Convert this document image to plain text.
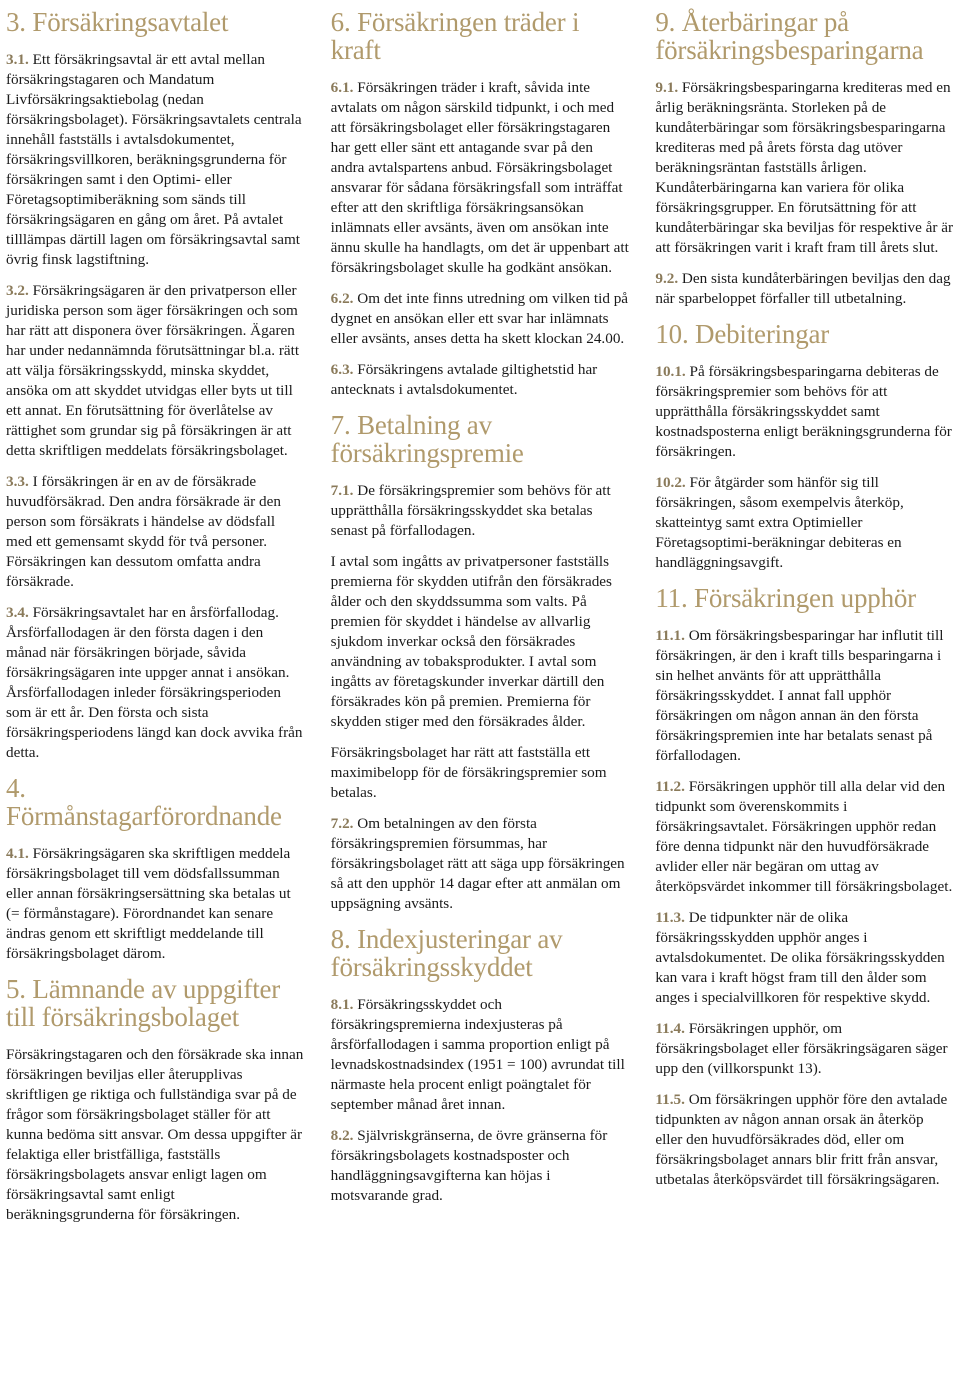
3. Försäkringsavtalet

3.1. Ett försäkringsavtal är ett avtal mellan försäkringstagaren och Mandatum Livförsäkringsaktiebolag (nedan försäkringsbolaget). Försäkringsavtalets centrala innehåll fastställs i avtalsdokumentet, försäkringsvillkoren, beräkningsgrunderna för försäkringen samt i den Optimi- eller Företagsoptimiberäkning som sänds till försäkringsägaren en gång om året. På avtalet tilllämpas därtill lagen om försäkringsavtal samt övrig finsk lagstiftning.

3.2. Försäkringsägaren är den privatperson eller juridiska person som äger försäkringen och som har rätt att disponera över försäkringen. Ägaren har under nedannämnda förutsättningar bl.a. rätt att välja försäkringsskydd, minska skyddet, ansöka om att skyddet utvidgas eller byts ut till ett annat. En förutsättning för överlåtelse av rättighet som grundar sig på försäkringen är att detta skriftligen meddelats försäkringsbolaget.

3.3. I försäkringen är en av de försäkrade huvudförsäkrad. Den andra försäkrade är den person som försäkrats i händelse av dödsfall med ett gemensamt skydd för två personer. Försäkringen kan dessutom omfatta andra försäkrade.

3.4. Försäkringsavtalet har en årsförfallodag. Årsförfallodagen är den första dagen i den månad när försäkringen började, såvida försäkringsägaren inte uppger annat i ansökan. Årsförfallodagen inleder försäkringsperioden som är ett år. Den första och sista försäkringsperiodens längd kan dock avvika från detta.

4. Förmånstagarförordnande

4.1. Försäkringsägaren ska skriftligen meddela försäkringsbolaget till vem dödsfallssumman eller annan försäkringsersättning ska betalas ut (= förmånstagare). Förordnandet kan senare ändras genom ett skriftligt meddelande till försäkringsbolaget därom.

5. Lämnande av uppgifter till försäkringsbolaget

Försäkringstagaren och den försäkrade ska innan försäkringen beviljas eller återupplivas skriftligen ge riktiga och fullständiga svar på de frågor som försäkringsbolaget ställer för att kunna bedöma sitt ansvar. Om dessa uppgifter är felaktiga eller bristfälliga, fastställs försäkringsbolagets ansvar enligt lagen om försäkringsavtal samt enligt beräkningsgrunderna för försäkringen.

6. Försäkringen träder i kraft

6.1. Försäkringen träder i kraft, såvida inte avtalats om någon särskild tidpunkt, i och med att försäkringsbolaget eller försäkringstagaren har gett eller sänt ett antagande svar på den andra avtalspartens anbud. Försäkringsbolaget ansvarar för sådana försäkringsfall som inträffat efter att den skriftliga försäkringsansökan inlämnats eller avsänts, även om ansökan inte ännu skulle ha handlagts, om det är uppenbart att försäkringsbolaget skulle ha godkänt ansökan.

6.2. Om det inte finns utredning om vilken tid på dygnet en ansökan eller ett svar har inlämnats eller avsänts, anses detta ha skett klockan 24.00.

6.3. Försäkringens avtalade giltighetstid har antecknats i avtalsdokumentet.

7. Betalning av försäkringspremie

7.1. De försäkringspremier som behövs för att upprätthålla försäkringsskyddet ska betalas senast på förfallodagen.

I avtal som ingåtts av privatpersoner fastställs premierna för skydden utifrån den försäkrades ålder och den skyddssumma som valts. På premien för skyddet i händelse av allvarlig sjukdom inverkar också den försäkrades användning av tobaksprodukter. I avtal som ingåtts av företagskunder inverkar därtill den försäkrades kön på premien. Premierna för skydden stiger med den försäkrades ålder.

Försäkringsbolaget har rätt att fastställa ett maximibelopp för de försäkringspremier som betalas.

7.2. Om betalningen av den första försäkringspremien försummas, har försäkringsbolaget rätt att säga upp försäkringen så att den upphör 14 dagar efter att anmälan om uppsägning avsänts.

8. Indexjusteringar av försäkringsskyddet

8.1. Försäkringsskyddet och försäkringspremierna indexjusteras på årsförfallodagen i samma proportion enligt på levnadskostnadsindex (1951 = 100) avrundat till närmaste hela procent enligt poängtalet för september månad året innan.

8.2. Självriskgränserna, de övre gränserna för försäkringsbolagets kostnadsposter och handläggningsavgifterna kan höjas i motsvarande grad.

9. Återbäringar på försäkringsbesparingarna

9.1. Försäkringsbesparingarna krediteras med en årlig beräkningsränta. Storleken på de kundåterbäringar som försäkringsbesparingarna krediteras med på årets första dag utöver beräkningsräntan fastställs årligen. Kundåterbäringarna kan variera för olika försäkringsgrupper. En förutsättning för att kundåterbäringar ska beviljas för respektive år är att försäkringen varit i kraft fram till årets slut.

9.2. Den sista kundåterbäringen beviljas den dag när sparbeloppet förfaller till utbetalning.

10. Debiteringar

10.1. På försäkringsbesparingarna debiteras de försäkringspremier som behövs för att upprätthålla försäkringsskyddet samt kostnadsposterna enligt beräkningsgrunderna för försäkringen.

10.2. För åtgärder som hänför sig till försäkringen, såsom exempelvis återköp, skatteintyg samt extra Optimieller Företagsoptimi-beräkningar debiteras en handläggningsavgift.

11. Försäkringen upphör

11.1. Om försäkringsbesparingar har influtit till försäkringen, är den i kraft tills besparingarna i sin helhet använts för att upprätthålla försäkringsskyddet. I annat fall upphör försäkringen om någon annan än den första försäkringspremien inte har betalats senast på förfallodagen.

11.2. Försäkringen upphör till alla delar vid den tidpunkt som överenskommits i försäkringsavtalet. Försäkringen upphör redan före denna tidpunkt när den huvudförsäkrade avlider eller när begäran om uttag av återköpsvärdet inkommer till försäkringsbolaget.

11.3. De tidpunkter när de olika försäkringsskydden upphör anges i avtalsdokumentet. De olika försäkringsskydden kan vara i kraft högst fram till den ålder som anges i specialvillkoren för respektive skydd.

11.4. Försäkringen upphör, om försäkringsbolaget eller försäkringsägaren säger upp den (villkorspunkt 13).

11.5. Om försäkringen upphör före den avtalade tidpunkten av någon annan orsak än återköp eller den huvudförsäkrades död, eller om försäkringsbolaget annars blir fritt från ansvar, utbetalas återköpsvärdet till försäkringsägaren.
